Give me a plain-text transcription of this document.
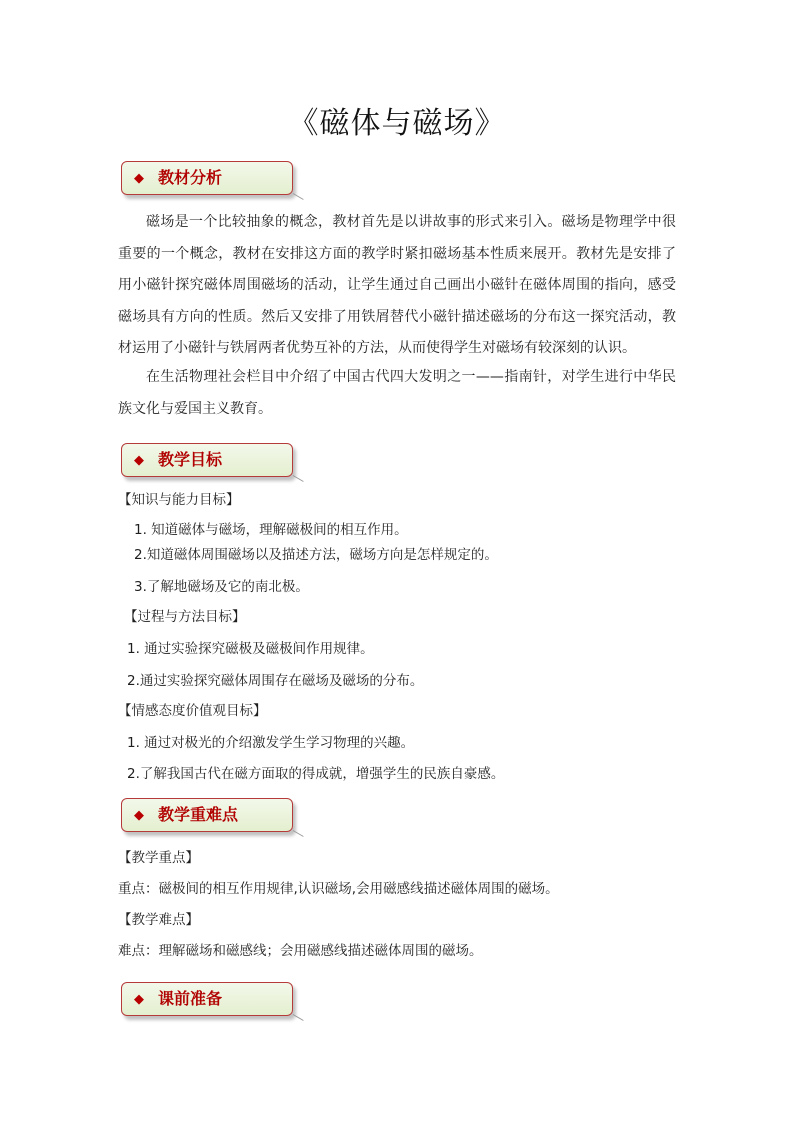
《磁体与磁场》
◆ 教材分析

磁场是一个比较抽象的概念，教材首先是以讲故事的形式来引入。磁场是物理学中很重要的一个概念，教材在安排这方面的教学时紧扣磁场基本性质来展开。教材先是安排了用小磁针探究磁体周围磁场的活动，让学生通过自己画出小磁针在磁体周围的指向，感受磁场具有方向的性质。然后又安排了用铁屑替代小磁针描述磁场的分布这一探究活动，教材运用了小磁针与铁屑两者优势互补的方法，从而使得学生对磁场有较深刻的认识。

在生活物理社会栏目中介绍了中国古代四大发明之一——指南针，对学生进行中华民族文化与爱国主义教育。

◆ 教学目标
【知识与能力目标】
1. 知道磁体与磁场，理解磁极间的相互作用。
2.知道磁体周围磁场以及描述方法，磁场方向是怎样规定的。
3.了解地磁场及它的南北极。
【过程与方法目标】
1. 通过实验探究磁极及磁极间作用规律。
2.通过实验探究磁体周围存在磁场及磁场的分布。
【情感态度价值观目标】
1. 通过对极光的介绍激发学生学习物理的兴趣。
2.了解我国古代在磁方面取的得成就，增强学生的民族自豪感。
◆ 教学重难点
【教学重点】
重点：磁极间的相互作用规律,认识磁场,会用磁感线描述磁体周围的磁场。
【教学难点】
难点：理解磁场和磁感线；会用磁感线描述磁体周围的磁场。
◆ 课前准备
